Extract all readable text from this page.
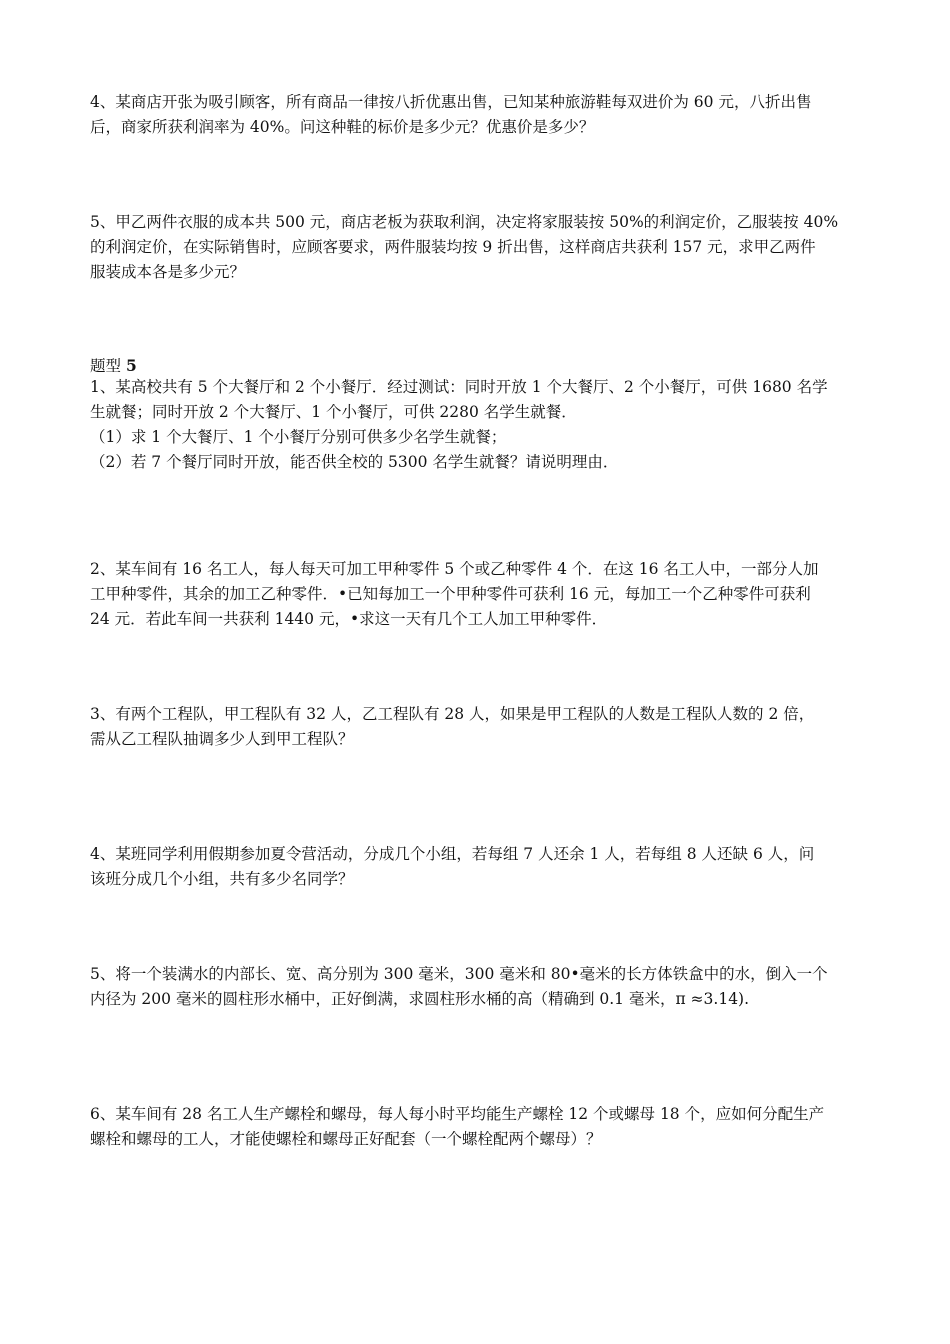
4、某商店开张为吸引顾客，所有商品一律按八折优惠出售，已知某种旅游鞋每双进价为 60 元，八折出售
后，商家所获利润率为 40%。问这种鞋的标价是多少元？优惠价是多少？
5、甲乙两件衣服的成本共 500 元，商店老板为获取利润，决定将家服装按 50%的利润定价，乙服装按 40%
的利润定价，在实际销售时，应顾客要求，两件服装均按 9 折出售，这样商店共获利 157 元，求甲乙两件
服装成本各是多少元？
题型 5
1、某高校共有 5 个大餐厅和 2 个小餐厅．经过测试：同时开放 1 个大餐厅、2 个小餐厅，可供 1680 名学
生就餐；同时开放 2 个大餐厅、1 个小餐厅，可供 2280 名学生就餐．
（1）求 1 个大餐厅、1 个小餐厅分别可供多少名学生就餐；
（2）若 7 个餐厅同时开放，能否供全校的 5300 名学生就餐？请说明理由．
2、某车间有 16 名工人，每人每天可加工甲种零件 5 个或乙种零件 4 个．在这 16 名工人中，一部分人加
工甲种零件，其余的加工乙种零件．•已知每加工一个甲种零件可获利 16 元，每加工一个乙种零件可获利
24 元．若此车间一共获利 1440 元，•求这一天有几个工人加工甲种零件．
3、有两个工程队，甲工程队有 32 人，乙工程队有 28 人，如果是甲工程队的人数是工程队人数的 2 倍，
需从乙工程队抽调多少人到甲工程队？
4、某班同学利用假期参加夏令营活动，分成几个小组，若每组 7 人还余 1 人，若每组 8 人还缺 6 人，问
该班分成几个小组，共有多少名同学？
5、将一个装满水的内部长、宽、高分别为 300 毫米，300 毫米和 80•毫米的长方体铁盒中的水，倒入一个
内径为 200 毫米的圆柱形水桶中，正好倒满，求圆柱形水桶的高（精确到 0.1 毫米，π ≈3.14).
6、某车间有 28 名工人生产螺栓和螺母，每人每小时平均能生产螺栓 12 个或螺母 18 个，应如何分配生产
螺栓和螺母的工人，才能使螺栓和螺母正好配套（一个螺栓配两个螺母）？
